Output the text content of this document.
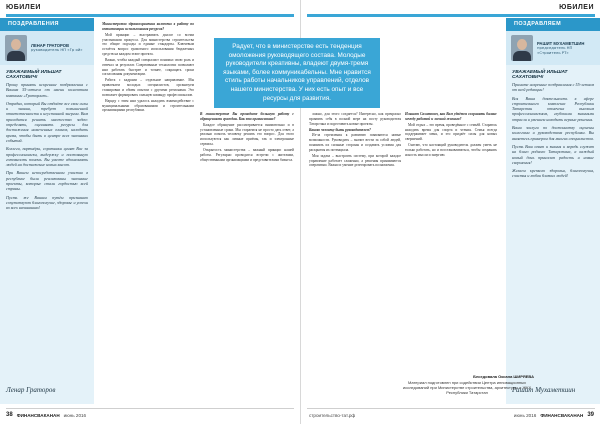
ЮБИЛЕИ
ПОЗДРАВЛЕНИЯ
ЛЕНАР ГРАТОРОВ
руководитель НП «Гр ой»
УВАЖАЕМЫЙ ИЛЬШАТ САХАТОВИЧ!

Прошу принять искренние поздравления с Вашим 55-летием от имени коллектива компании «Граторлит».

Отрадно, который Вы отдаёте все свои силы и знания, требует повышенной ответственности и неустанной энергии. Вам приходится решать множество задач: определять, оценивать ресурсы для достижения намеченных планов, находить время, чтобы быть в центре всех значимых событий.

Коллеги, партнёры, соратники ценят Вас за профессионализм, выдержку и постоянную готовность помочь. Вы умеете вдохновлять людей на достижение новых высот.

При Вашем непосредственном участии в республике были реализованы значимые проекты, которые стали гордостью всей страны.

Пусть же Вашим путём признанию сопутствуют благополучие, здоровье и успехи во всех начинаниях!

Ленар Граторов

Министерство здравоохранения включено в работу по оптимизации использования ресурсов?

Мой принцип – выстраивать диалог со всеми участниками процесса. Для министерства строительства это общие подходы и единые стандарты. Ключевым остаётся вопрос грамотного использования бюджетных средств на каждом этапе проекта.

Важно, чтобы каждый специалист понимал свою роль и отвечал за результат. Современные технологии позволяют нам работать быстрее и точнее, сокращать сроки согласования документации.

Работа с кадрами – отдельное направление. Мы привлекаем молодых специалистов, организуем стажировки и обмен опытом с другими регионами. Это позволяет формировать сильную команду профессионалов.

Наряду с этим нам удалось наладить взаимодействие с муниципальными образованиями и строительными организациями республики.

В министерстве Вы проводите большую работу с обращениями граждан. Как это организовано?

Каждое обращение рассматривается внимательно и в установленные сроки. Мы стараемся не просто дать ответ, а реально помочь человеку решить его вопрос. Для этого используются как личные приёмы, так и электронные сервисы.

Открытость министерства – важный принцип нашей работы. Регулярно проводятся встречи с жителями, общественными организациями и представителями бизнеса.

38 ФИНАНСВАКАНАН июнь 2016
ЮБИЛЕИ

ложно, для этого создается? Интересно, как прекрасно проявить себя в полной мере на посту руководителя Татарстана и подготовить новые проекты.

Каково человеку быть руководителем?

Из-за стремления к развитию появляются новые возможности. Руководить – значит вести за собой людей, понимать их сильные стороны и создавать условия для раскрытия их потенциала.

Моя задача – выстроить систему, при которой каждое управление работает слаженно, а решения принимаются оперативно. Важно и умение делегировать полномочия.

Ильшат Сахатович, как Вам удаётся сохранять баланс между работой и личной жизнью?

Мой отдых – это время, проведённое с семьёй. Стараюсь находить время для спорта и чтения. Семья всегда поддерживает меня, и это придаёт силы для новых свершений.

Считаю, что настоящий руководитель должен уметь не только работать, но и восстанавливаться, чтобы сохранять ясность мысли и энергию.

ПОЗДРАВЛЯЕМ
РАШИТ МУХАМЕТШИН
председатель НП «Строитель РТ»
УВАЖАЕМЫЙ ИЛЬШАТ САХАТОВИЧ!

Примите искренние поздравления с 55-летием от всей редакции!

Вся Ваша деятельность в сфере строительного комплекса Республики Татарстан отмечена высоким профессионализмом, глубокими знаниями отрасли и умением находить верные решения.

Ваши заслуги по достоинству оценены коллегами и руководством республики. Вы являетесь примером для многих специалистов.

Пусть Ваш опыт и знания и впредь служат на благо родного Татарстана, а каждый новый день приносит радость и новые свершения!

Желаем крепкого здоровья, благополучия, счастья и любви близких людей!

Рашит Мухаметшин
строительство-тат.рф	июнь 2016 ФИНАНСВАКАНАН 39
Радует, что в министерстве есть тенденция омоложения руководящего состава. Молодые руководители креативны, владеют двумя-тремя языками, более коммуникабельны. Мне нравится стиль работы начальников управлений, отделов нашего министерства. У них есть опыт и все ресурсы для развития.
Беседовала Оксана ШИРЯЕВА
Материал подготовлен при содействии Центра инновационных исследований при Министерстве строительства, архитектуры и ЖКХ Республики Татарстан
